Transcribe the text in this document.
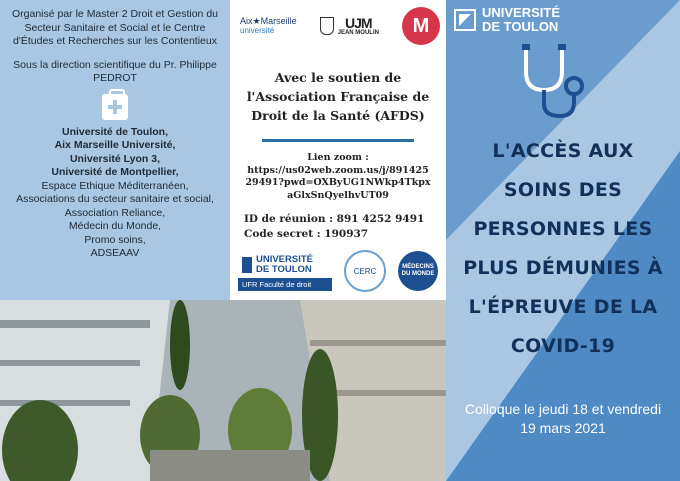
Organisé par le Master 2 Droit et Gestion du Secteur Sanitaire et Social et le Centre d'Études et Recherches sur les Contentieux
Sous la direction scientifique du Pr. Philippe PEDROT
Université de Toulon,
Aix Marseille Université,
Université Lyon 3,
Université de Montpellier,
Espace Ethique Méditerranéen,
Associations du secteur sanitaire et social,
Association Reliance,
Médecin du Monde,
Promo soins,
ADSEAAV
Aix★Marseille
université	UJM
JEAN MOULIN	M
Avec le soutien de l'Association Française de Droit de la Santé (AFDS)
Lien zoom :
https://us02web.zoom.us/j/89142529491?pwd=OXByUG1NWkp4TkpxaGlxSnQyelhvUT09
ID de réunion : 891 4252 9491
Code secret : 190937
UNIVERSITÉ DE TOULON
UFR Faculté de droit
CERC	MÉDECINS DU MONDE
UNIVERSITÉ DE TOULON
L'ACCÈS AUX
SOINS DES
PERSONNES LES
PLUS DÉMUNIES À
L'ÉPREUVE DE LA
COVID-19
Colloque le jeudi 18 et vendredi 19 mars 2021
